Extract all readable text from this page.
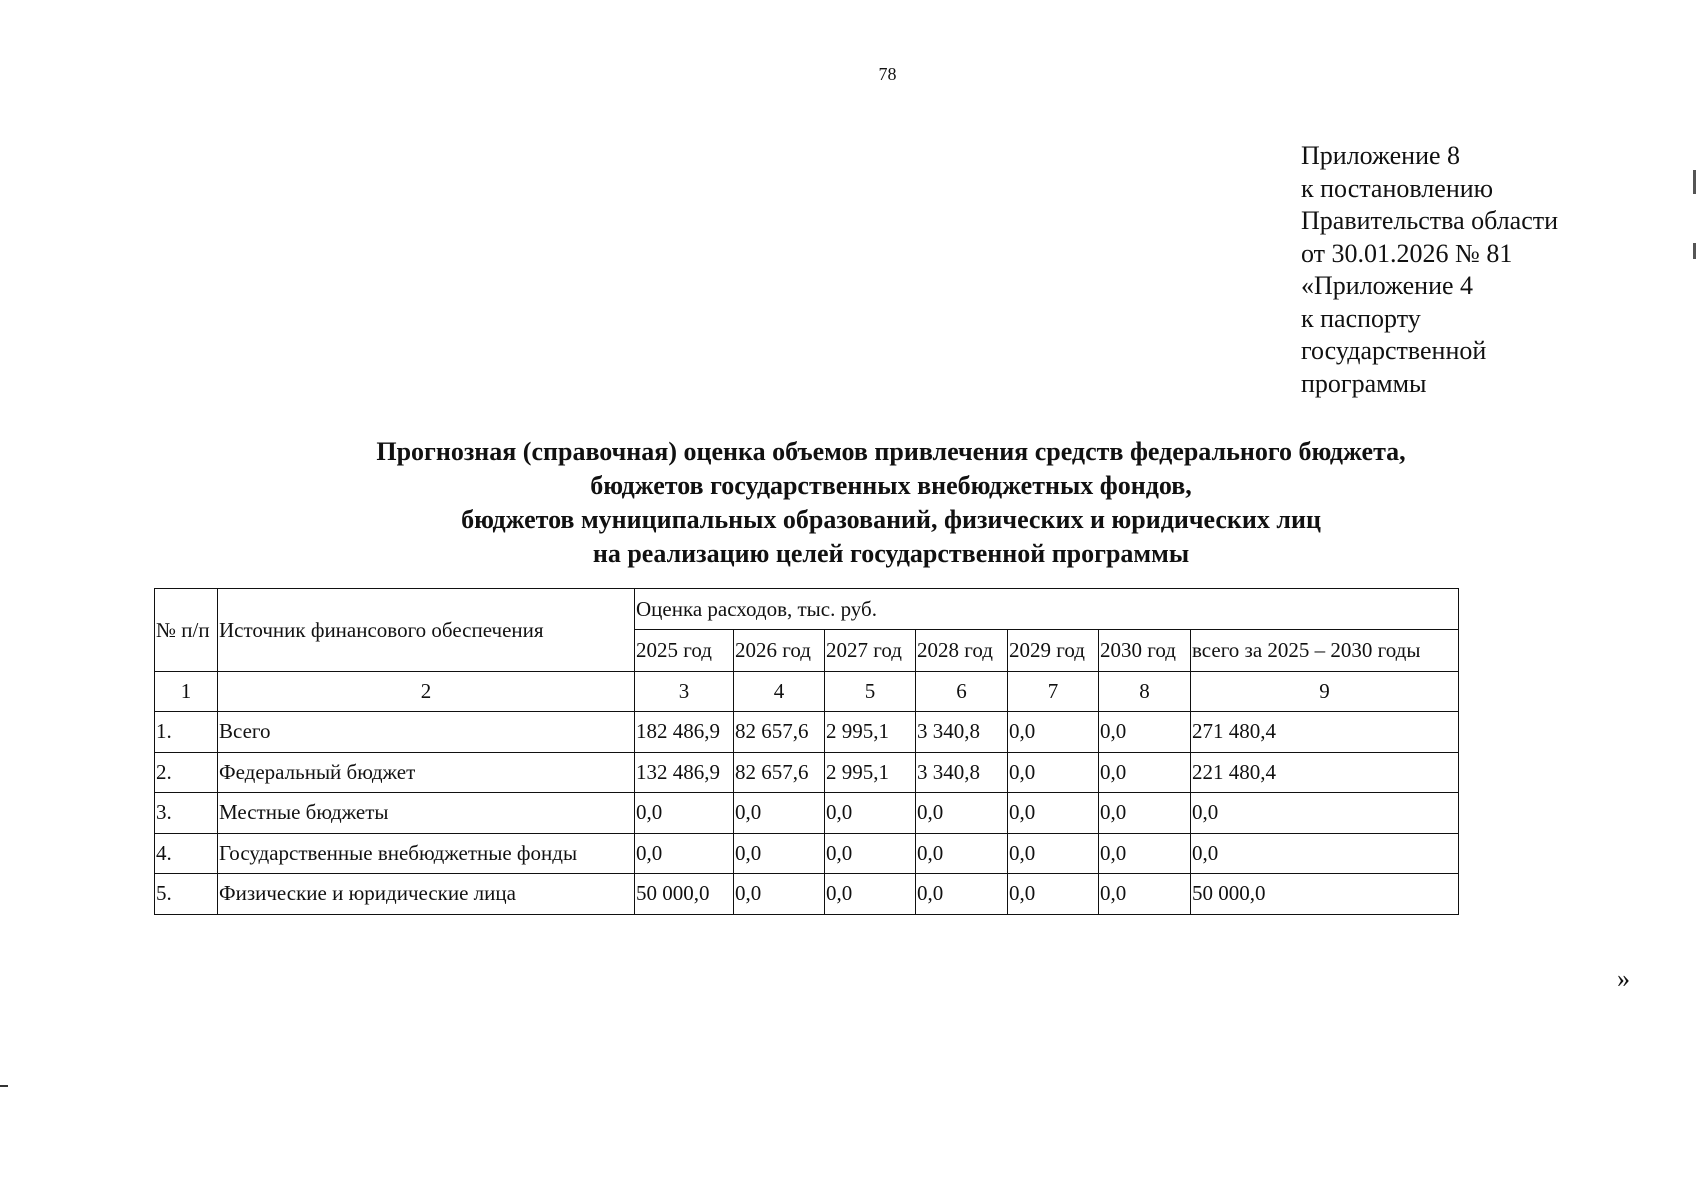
78
Приложение 8
к постановлению
Правительства области
от 30.01.2026 № 81
«Приложение 4
к паспорту
государственной
программы
Прогнозная (справочная) оценка объемов привлечения средств федерального бюджета,
бюджетов государственных внебюджетных фондов,
бюджетов муниципальных образований, физических и юридических лиц
на реализацию целей государственной программы
№ п/п	Источник финансового обеспечения	Оценка расходов, тыс. руб.						
		2025 год	2026 год	2027 год	2028 год	2029 год	2030 год	всего за 2025 – 2030 годы
1	2	3	4	5	6	7	8	9
1.	Всего	182 486,9	82 657,6	2 995,1	3 340,8	0,0	0,0	271 480,4
2.	Федеральный бюджет	132 486,9	82 657,6	2 995,1	3 340,8	0,0	0,0	221 480,4
3.	Местные бюджеты	0,0	0,0	0,0	0,0	0,0	0,0	0,0
4.	Государственные внебюджетные фонды	0,0	0,0	0,0	0,0	0,0	0,0	0,0
5.	Физические и юридические лица	50 000,0	0,0	0,0	0,0	0,0	0,0	50 000,0
»
